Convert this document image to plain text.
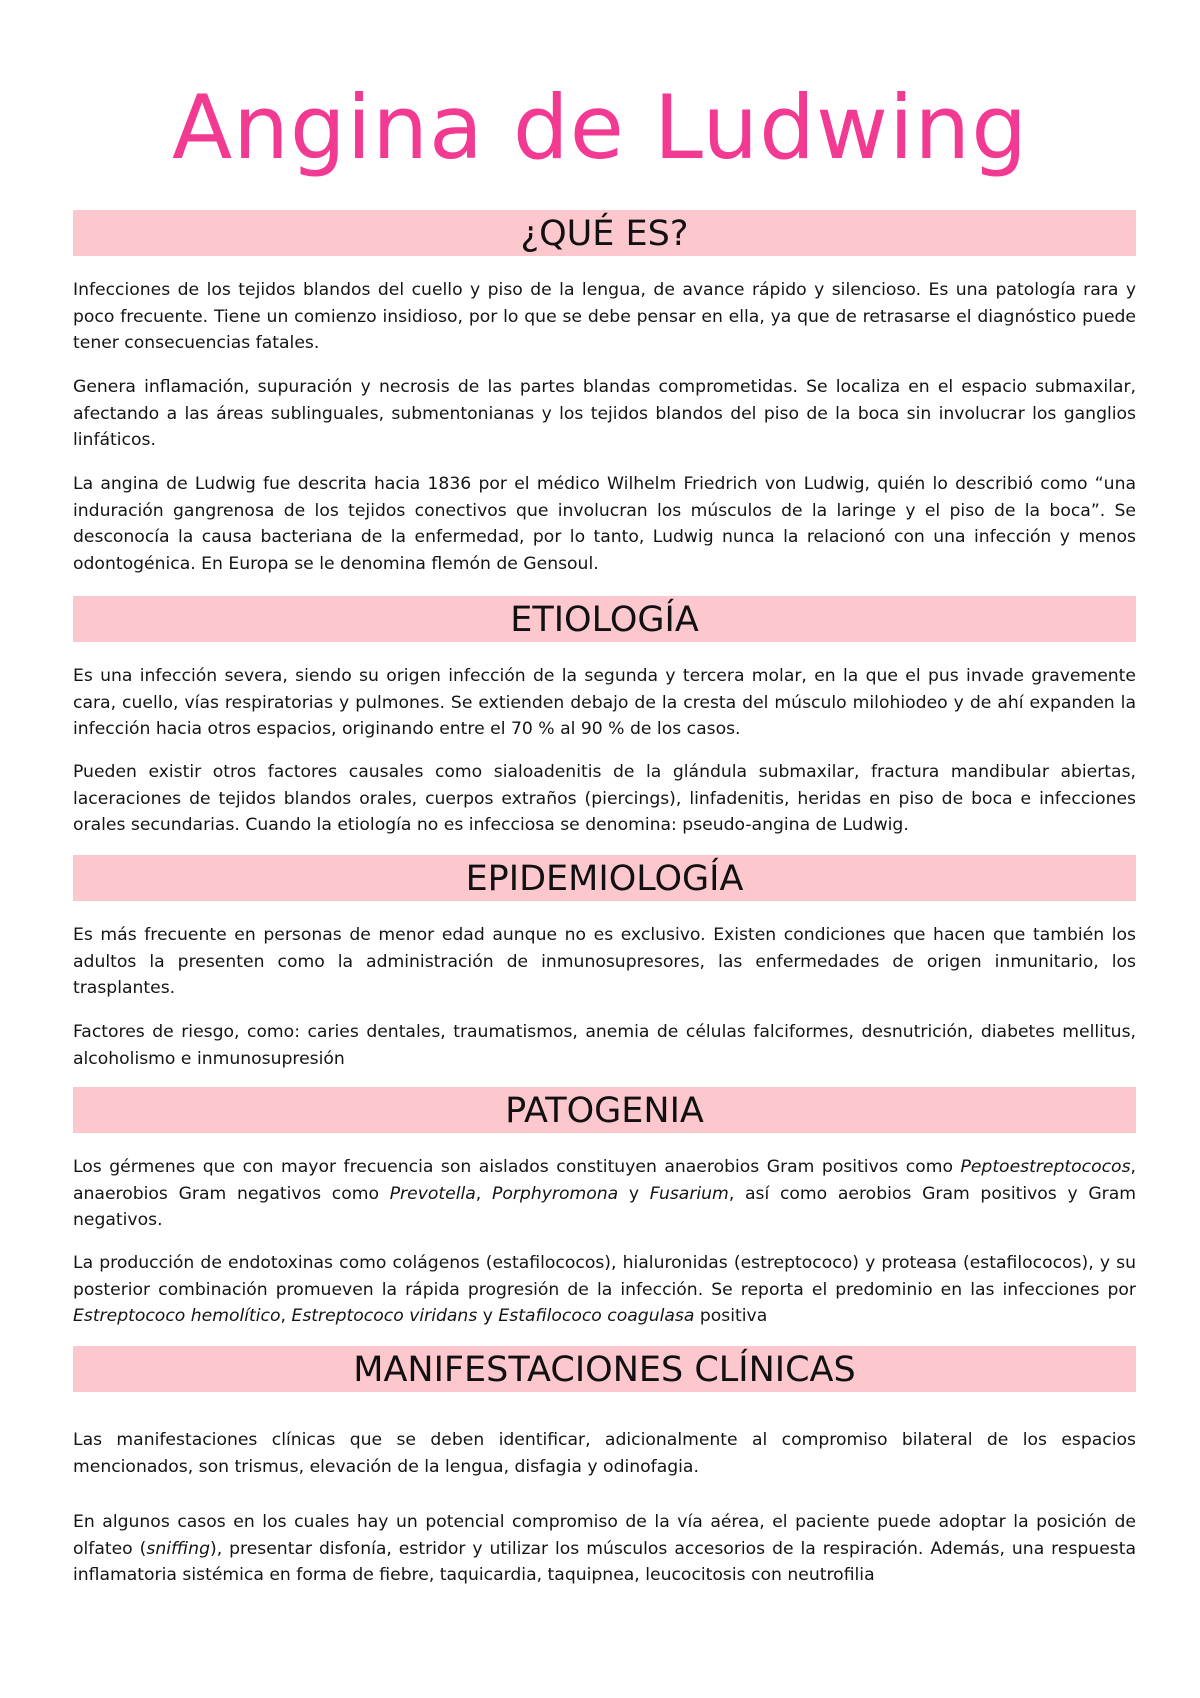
Angina de Ludwing
¿QUÉ ES?

Infecciones de los tejidos blandos del cuello y piso de la lengua, de avance rápido y silencioso. Es una patología rara y poco frecuente. Tiene un comienzo insidioso, por lo que se debe pensar en ella, ya que de retrasarse el diagnóstico puede tener consecuencias fatales.

Genera inflamación, supuración y necrosis de las partes blandas comprometidas. Se localiza en el espacio submaxilar, afectando a las áreas sublinguales, submentonianas y los tejidos blandos del piso de la boca sin involucrar los ganglios linfáticos.

La angina de Ludwig fue descrita hacia 1836 por el médico Wilhelm Friedrich von Ludwig, quién lo describió como “una induración gangrenosa de los tejidos conectivos que involucran los músculos de la laringe y el piso de la boca”. Se desconocía la causa bacteriana de la enfermedad, por lo tanto, Ludwig nunca la relacionó con una infección y menos odontogénica. En Europa se le denomina flemón de Gensoul.

ETIOLOGÍA

Es una infección severa, siendo su origen infección de la segunda y tercera molar, en la que el pus invade gravemente cara, cuello, vías respiratorias y pulmones. Se extienden debajo de la cresta del músculo milohiodeo y de ahí expanden la infección hacia otros espacios, originando entre el 70 % al 90 % de los casos.

Pueden existir otros factores causales como sialoadenitis de la glándula submaxilar, fractura mandibular abiertas, laceraciones de tejidos blandos orales, cuerpos extraños (piercings), linfadenitis, heridas en piso de boca e infecciones orales secundarias. Cuando la etiología no es infecciosa se denomina: pseudo-angina de Ludwig.

EPIDEMIOLOGÍA

Es más frecuente en personas de menor edad aunque no es exclusivo. Existen condiciones que hacen que también los adultos la presenten como la administración de inmunosupresores, las enfermedades de origen inmunitario, los trasplantes.

Factores de riesgo, como: caries dentales, traumatismos, anemia de células falciformes, desnutrición, diabetes mellitus, alcoholismo e inmunosupresión

PATOGENIA

Los gérmenes que con mayor frecuencia son aislados constituyen anaerobios Gram positivos como Peptoestreptococos, anaerobios Gram negativos como Prevotella, Porphyromona y Fusarium, así como aerobios Gram positivos y Gram negativos.

La producción de endotoxinas como colágenos (estafilococos), hialuronidas (estreptococo) y proteasa (estafilococos), y su posterior combinación promueven la rápida progresión de la infección. Se reporta el predominio en las infecciones por Estreptococo hemolítico, Estreptococo viridans y Estafilococo coagulasa positiva

MANIFESTACIONES CLÍNICAS

Las manifestaciones clínicas que se deben identificar, adicionalmente al compromiso bilateral de los espacios mencionados, son trismus, elevación de la lengua, disfagia y odinofagia.

En algunos casos en los cuales hay un potencial compromiso de la vía aérea, el paciente puede adoptar la posición de olfateo (sniffing), presentar disfonía, estridor y utilizar los músculos accesorios de la respiración. Además, una respuesta inflamatoria sistémica en forma de fiebre, taquicardia, taquipnea, leucocitosis con neutrofilia
